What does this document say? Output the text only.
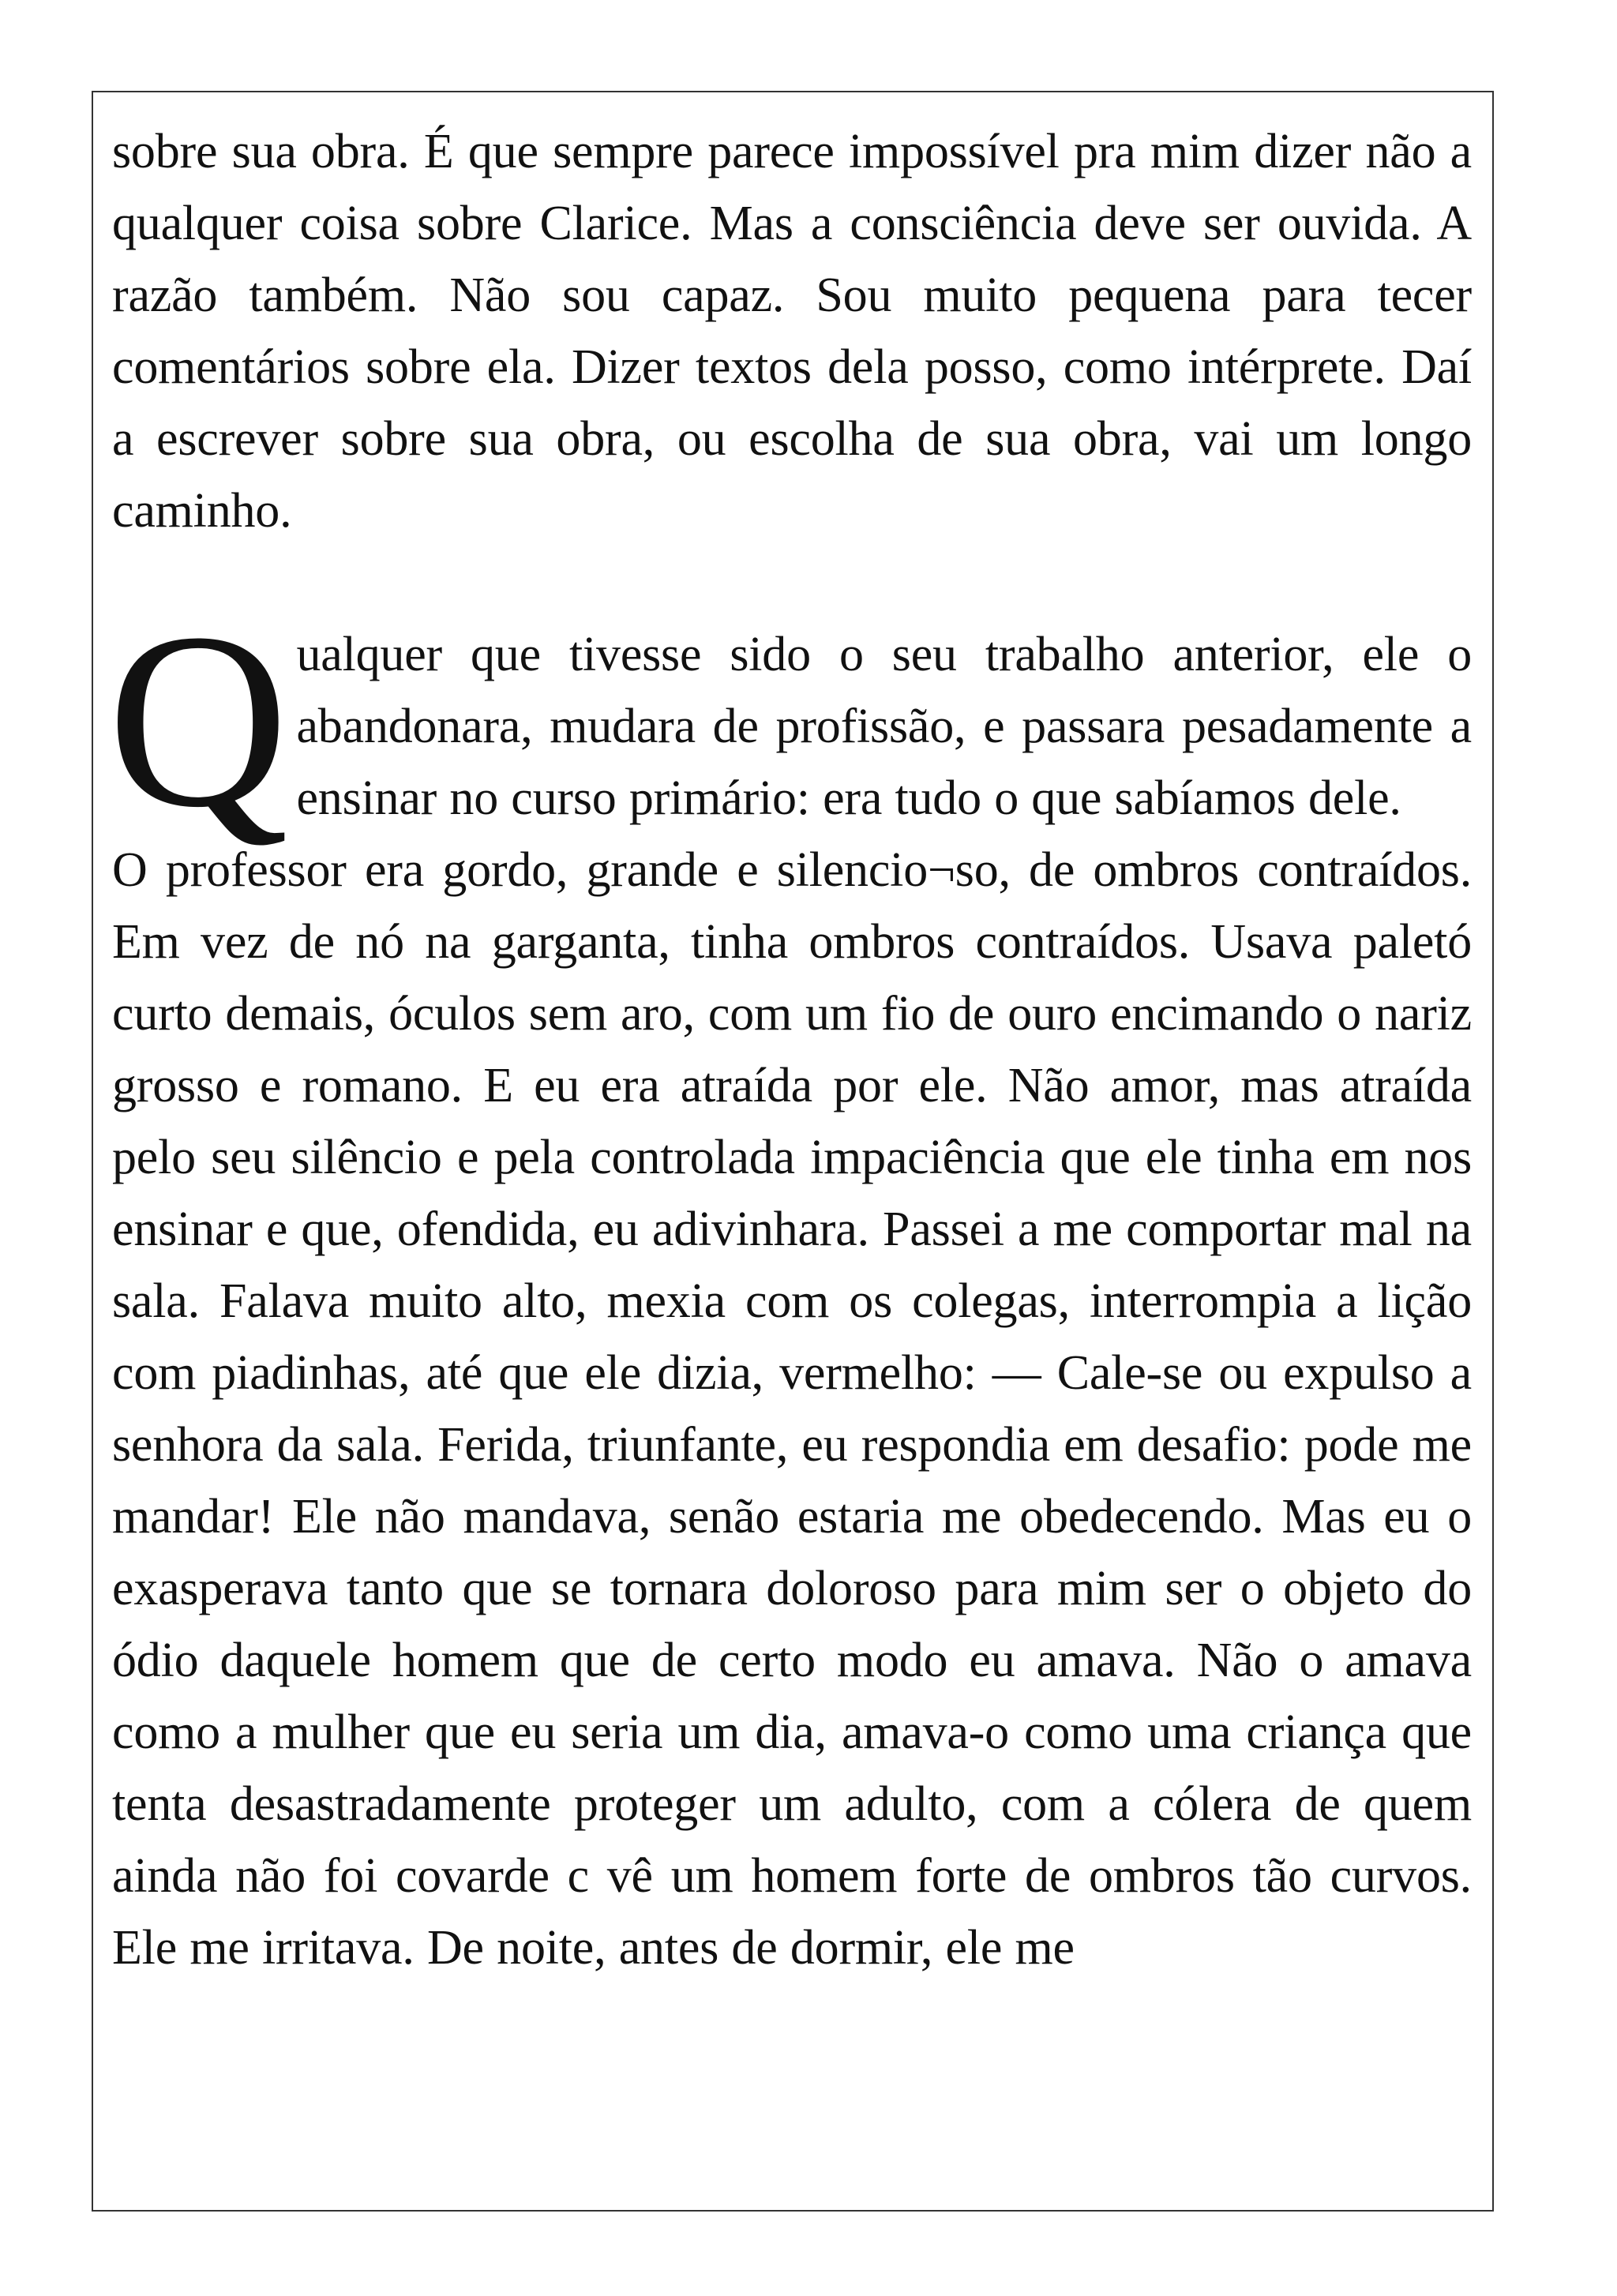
sobre sua obra. É que sempre parece impossível pra mim dizer não a qualquer coisa sobre Clarice. Mas a consciência deve ser ouvida. A razão também. Não sou capaz. Sou muito pequena para tecer comentários sobre ela. Dizer textos dela posso, como intérprete. Daí a escrever sobre sua obra, ou escolha de sua obra, vai um longo caminho.

Q ualquer que tivesse sido o seu trabalho anterior, ele o abandonara, mudara de profissão, e passara pesadamente a ensinar no curso primário: era tudo o que sabíamos dele.

O professor era gordo, grande e silencio¬so, de ombros contraídos. Em vez de nó na garganta, tinha ombros contraídos. Usava paletó curto demais, óculos sem aro, com um fio de ouro encimando o nariz grosso e romano. E eu era atraída por ele. Não amor, mas atraída pelo seu silêncio e pela controlada impaciência que ele tinha em nos ensinar e que, ofendida, eu adivinhara. Passei a me comportar mal na sala. Falava muito alto, mexia com os colegas, interrompia a lição com piadinhas, até que ele dizia, vermelho: — Cale-se ou expulso a senhora da sala. Ferida, triunfante, eu respondia em desafio: pode me mandar! Ele não mandava, senão estaria me obedecendo. Mas eu o exasperava tanto que se tornara doloroso para mim ser o objeto do ódio daquele homem que de certo modo eu amava. Não o amava como a mulher que eu seria um dia, amava-o como uma criança que tenta desastradamente proteger um adulto, com a cólera de quem ainda não foi covarde c vê um homem forte de ombros tão curvos. Ele me irritava. De noite, antes de dormir, ele me
